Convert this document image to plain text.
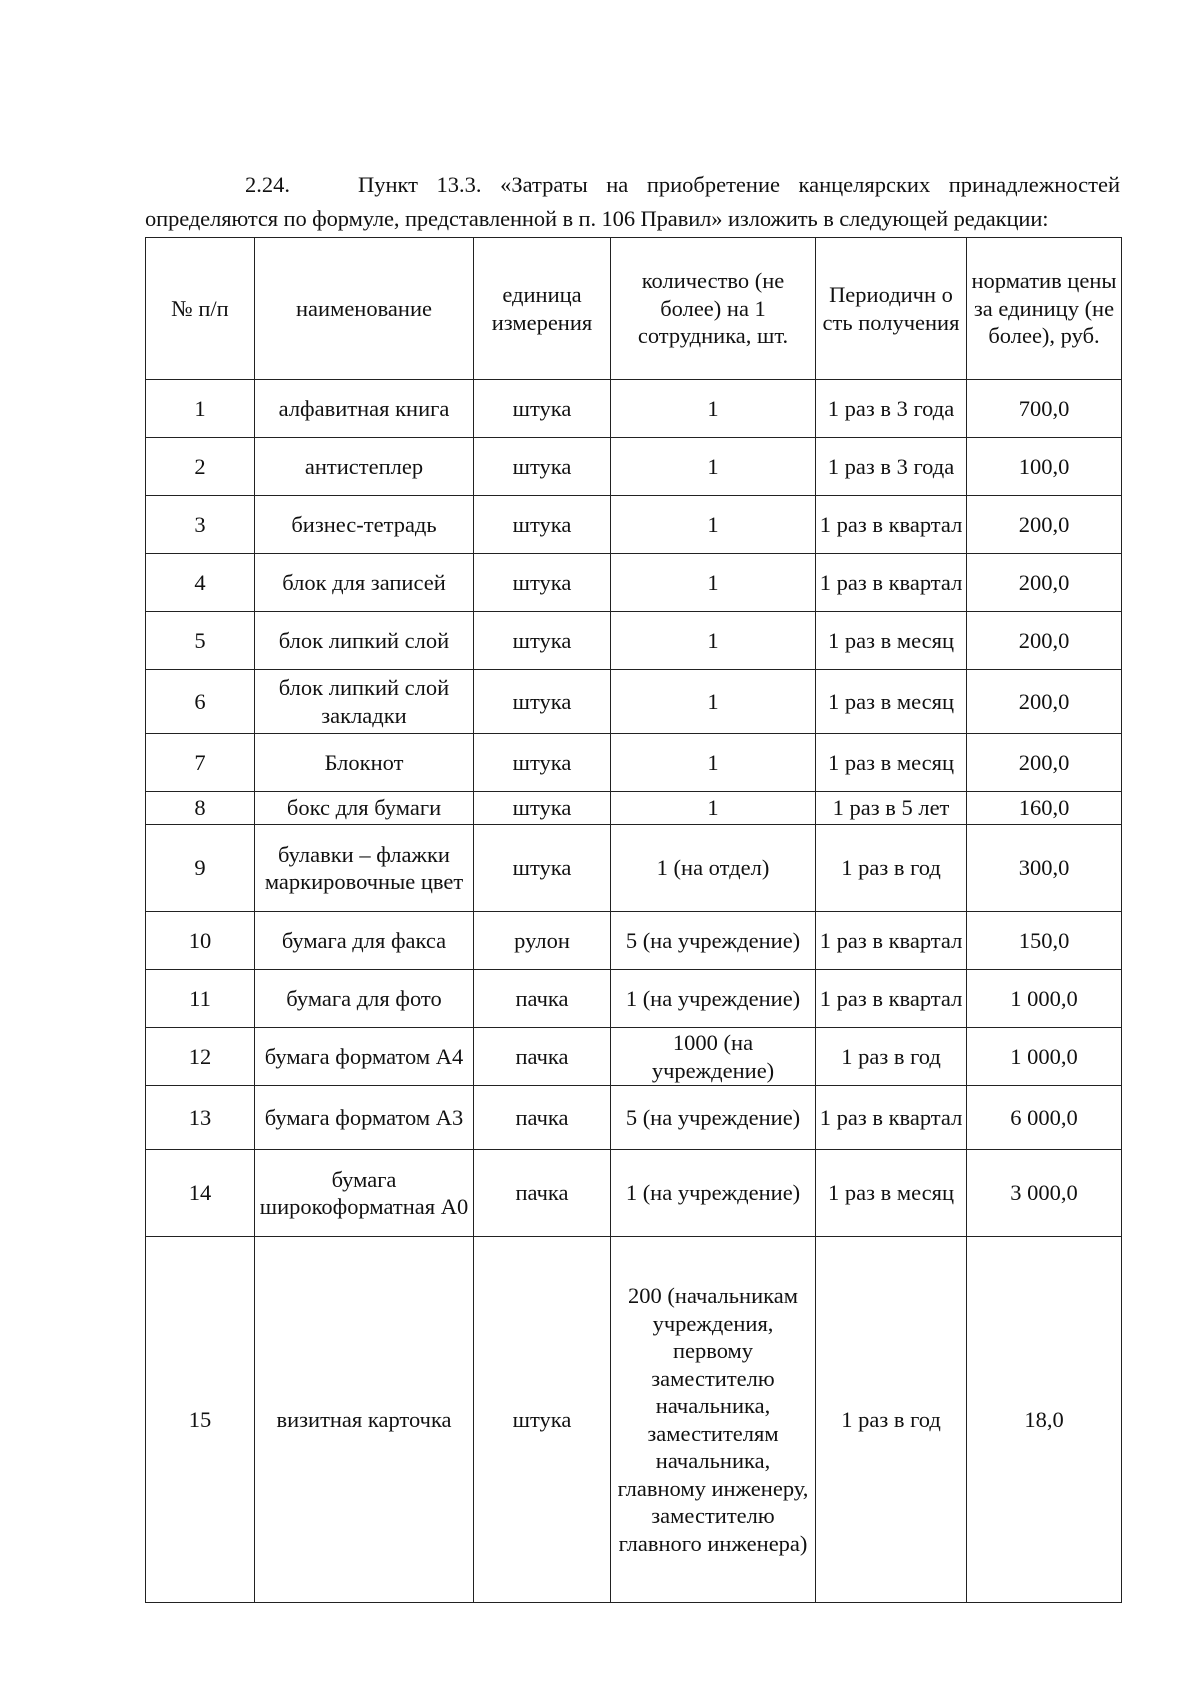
2.24.	Пункт 13.3. «Затраты на приобретение канцелярских принадлежностей
определяются по формуле, представленной в п. 106 Правил» изложить в следующей редакции:
№ п/п	наименование	единица измерения	количество (не более) на 1 сотрудника, шт.	Периодичн о сть получения	норматив цены за единицу (не более), руб.
1	алфавитная книга	штука	1	1 раз в 3 года	700,0
2	антистеплер	штука	1	1 раз в 3 года	100,0
3	бизнес-тетрадь	штука	1	1 раз в квартал	200,0
4	блок для записей	штука	1	1 раз в квартал	200,0
5	блок липкий слой	штука	1	1 раз в месяц	200,0
6	блок липкий слой закладки	штука	1	1 раз в месяц	200,0
7	Блокнот	штука	1	1 раз в месяц	200,0
8	бокс для бумаги	штука	1	1 раз в 5 лет	160,0
9	булавки – флажки маркировочные цвет	штука	1 (на отдел)	1 раз в год	300,0
10	бумага для факса	рулон	5 (на учреждение)	1 раз в квартал	150,0
11	бумага для фото	пачка	1 (на учреждение)	1 раз в квартал	1 000,0
12	бумага форматом А4	пачка	1000 (на учреждение)	1 раз в год	1 000,0
13	бумага форматом А3	пачка	5 (на учреждение)	1 раз в квартал	6 000,0
14	бумага широкоформатная А0	пачка	1 (на учреждение)	1 раз в месяц	3 000,0
15	визитная карточка	штука	200 (начальникам учреждения, первому заместителю начальника, заместителям начальника, главному инженеру, заместителю главного инженера)	1 раз в год	18,0
